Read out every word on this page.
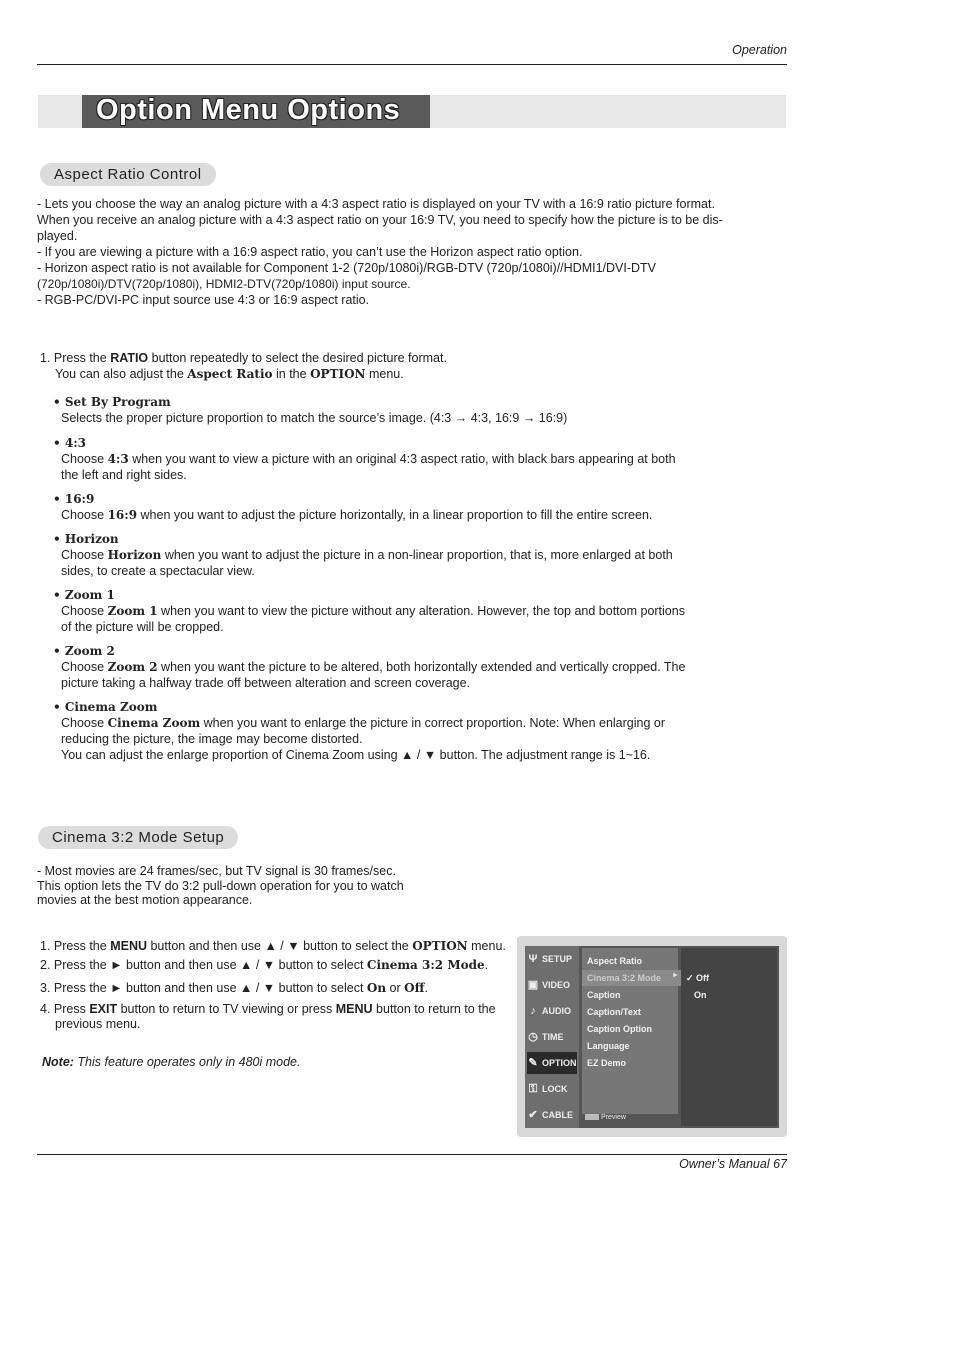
Operation
Option Menu Options
Aspect Ratio Control
- Lets you choose the way an analog picture with a 4:3 aspect ratio is displayed on your TV with a 16:9 ratio picture format.
When you receive an analog picture with a 4:3 aspect ratio on your 16:9 TV, you need to specify how the picture is to be dis-
played.
- If you are viewing a picture with a 16:9 aspect ratio, you can’t use the Horizon aspect ratio option.
- Horizon aspect ratio is not available for Component 1-2 (720p/1080i)/RGB-DTV (720p/1080i)//HDMI1/DVI-DTV
(720p/1080i)/DTV(720p/1080i), HDMI2-DTV(720p/1080i) input source.
- RGB-PC/DVI-PC input source use 4:3 or 16:9 aspect ratio.
1. Press the RATIO button repeatedly to select the desired picture format.
You can also adjust the Aspect Ratio in the OPTION menu.
• Set By Program
Selects the proper picture proportion to match the source’s image. (4:3 → 4:3, 16:9 → 16:9)
• 4:3
Choose 4:3 when you want to view a picture with an original 4:3 aspect ratio, with black bars appearing at both
the left and right sides.
• 16:9
Choose 16:9 when you want to adjust the picture horizontally, in a linear proportion to fill the entire screen.
• Horizon
Choose Horizon when you want to adjust the picture in a non-linear proportion, that is, more enlarged at both
sides, to create a spectacular view.
• Zoom 1
Choose Zoom 1 when you want to view the picture without any alteration. However, the top and bottom portions
of the picture will be cropped.
• Zoom 2
Choose Zoom 2 when you want the picture to be altered, both horizontally extended and vertically cropped. The
picture taking a halfway trade off between alteration and screen coverage.
• Cinema Zoom
Choose Cinema Zoom when you want to enlarge the picture in correct proportion. Note: When enlarging or
reducing the picture, the image may become distorted.
You can adjust the enlarge proportion of Cinema Zoom using ▲ / ▼ button. The adjustment range is 1~16.
Cinema 3:2 Mode Setup
- Most movies are 24 frames/sec, but TV signal is 30 frames/sec.
This option lets the TV do 3:2 pull-down operation for you to watch
movies at the best motion appearance.
1. Press the MENU button and then use ▲ / ▼ button to select the OPTION menu.
2. Press the ► button and then use ▲ / ▼ button to select Cinema 3:2 Mode.
3. Press the ► button and then use ▲ / ▼ button to select On or Off.
4. Press EXIT button to return to TV viewing or press MENU button to return to the
previous menu.
Note: This feature operates only in 480i mode.
Ψ SETUP
▣ VIDEO
♪ AUDIO
◷ TIME
✎ OPTION
⚿ LOCK
✔ CABLE
Aspect Ratio
Cinema 3:2 Mode ►
Caption
Caption/Text
Caption Option
Language
EZ Demo
✓ Off
On
Preview
Owner’s Manual 67
